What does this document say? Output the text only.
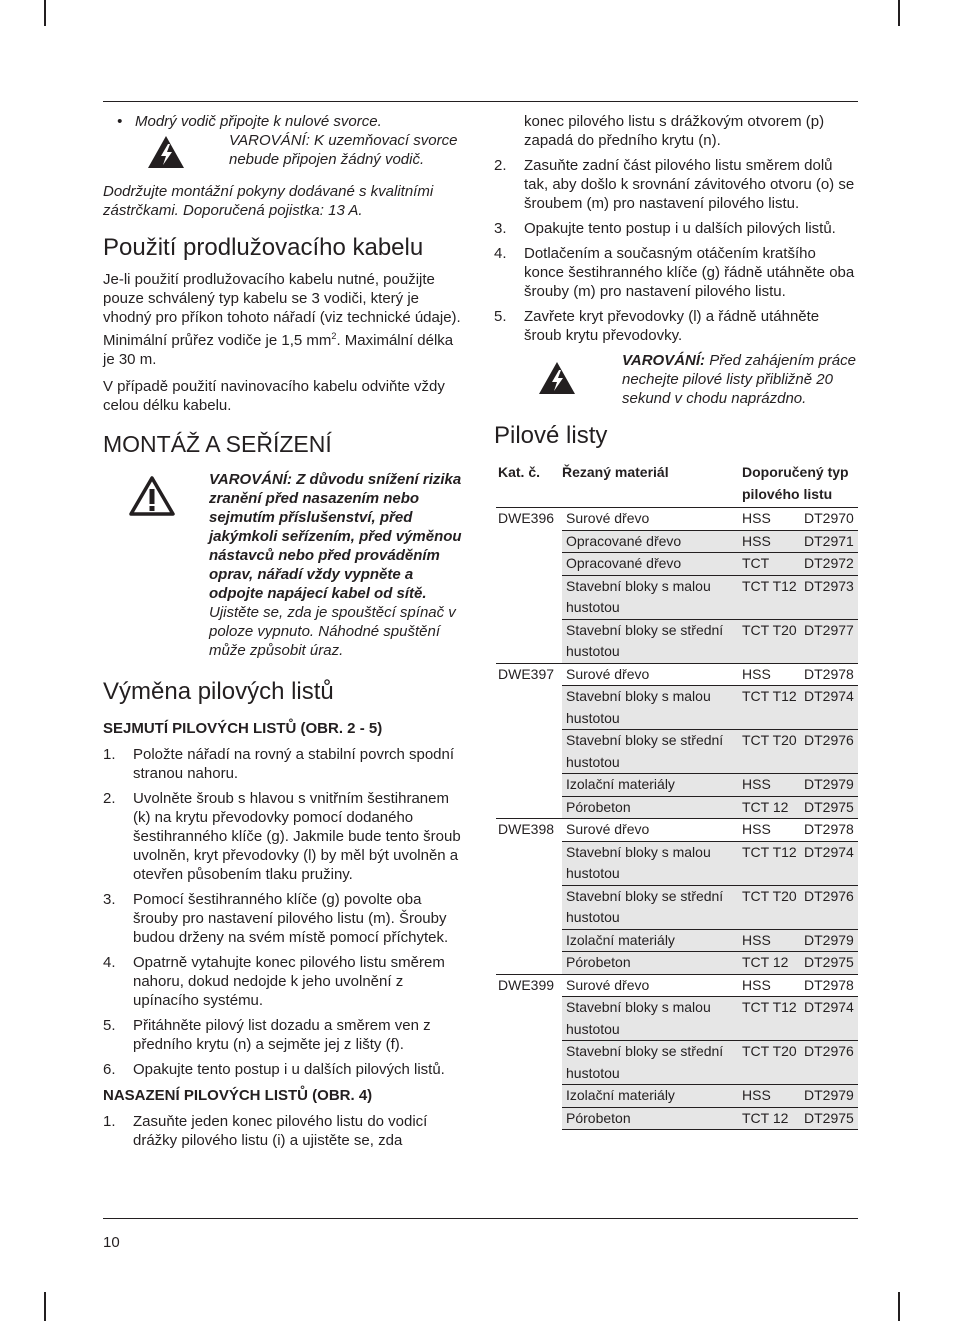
10
• Modrý vodič připojte k nulové svorce.

VAROVÁNÍ: K uzemňovací svorce nebude připojen žádný vodič.

Dodržujte montážní pokyny dodávané s kvalitními zástrčkami. Doporučená pojistka: 13 A.

Použití prodlužovacího kabelu

Je-li použití prodlužovacího kabelu nutné, použijte pouze schválený typ kabelu se 3 vodiči, který je vhodný pro příkon tohoto nářadí (viz technické údaje). Minimální průřez vodiče je 1,5 $mm^2$. Maximální délka je 30 m.

V případě použití navinovacího kabelu odviňte vždy celou délku kabelu.

MONTÁŽ A SEŘÍZENÍ

VAROVÁNÍ: Z důvodu snížení rizika zranění před nasazením nebo sejmutím příslušenství, před jakýmkoli seřízením, před výměnou nástavců nebo před prováděním oprav, nářadí vždy vypněte a odpojte napájecí kabel od sítě.

Ujistěte se, zda je spouštěcí spínač v poloze vypnuto. Náhodné spuštění může způsobit úraz.

Výměna pilových listů
SEJMUTÍ PILOVÝCH LISTŮ (OBR. 2 - 5)
1.	Položte nářadí na rovný a stabilní povrch spodní stranou nahoru.
2.	Uvolněte šroub s hlavou s vnitřním šestihranem (k) na krytu převodovky pomocí dodaného šestihranného klíče (g). Jakmile bude tento šroub uvolněn, kryt převodovky (l) by měl být uvolněn a otevřen působením tlaku pružiny.
3.	Pomocí šestihranného klíče (g) povolte oba šrouby pro nastavení pilového listu (m). Šrouby budou drženy na svém místě pomocí příchytek.
4.	Opatrně vytahujte konec pilového listu směrem nahoru, dokud nedojde k jeho uvolnění z upínacího systému.
5.	Přitáhněte pilový list dozadu a směrem ven z předního krytu (n) a sejměte jej z lišty (f).
6.	Opakujte tento postup i u dalších pilových listů.
NASAZENÍ PILOVÝCH LISTŮ (OBR. 4)
1.	Zasuňte jeden konec pilového listu do vodicí drážky pilového listu (i) a ujistěte se, zda

konec pilového listu s drážkovým otvorem (p) zapadá do předního krytu (n).

2.	Zasuňte zadní část pilového listu směrem dolů tak, aby došlo k srovnání závitového otvoru (o) se šroubem (m) pro nastavení pilového listu.
3.	Opakujte tento postup i u dalších pilových listů.
4.	Dotlačením a současným otáčením kratšího konce šestihranného klíče (g) řádně utáhněte oba šrouby (m) pro nastavení pilového listu.
5.	Zavřete kryt převodovky (l) a řádně utáhněte šroub krytu převodovky.

VAROVÁNÍ: Před zahájením práce nechejte pilové listy přibližně 20 sekund v chodu naprázdno.

Pilové listy
Kat. č.	Řezaný materiál	Doporučený typ pilového listu	
DWE396	Surové dřevo	HSS	DT2970
	Opracované dřevo	HSS	DT2971
	Opracované dřevo	TCT	DT2972
	Stavební bloky s malou hustotou	TCT T12	DT2973
	Stavební bloky se střední hustotou	TCT T20	DT2977
DWE397	Surové dřevo	HSS	DT2978
	Stavební bloky s malou hustotou	TCT T12	DT2974
	Stavební bloky se střední hustotou	TCT T20	DT2976
	Izolační materiály	HSS	DT2979
	Pórobeton	TCT 12	DT2975
DWE398	Surové dřevo	HSS	DT2978
	Stavební bloky s malou hustotou	TCT T12	DT2974
	Stavební bloky se střední hustotou	TCT T20	DT2976
	Izolační materiály	HSS	DT2979
	Pórobeton	TCT 12	DT2975
DWE399	Surové dřevo	HSS	DT2978
	Stavební bloky s malou hustotou	TCT T12	DT2974
	Stavební bloky se střední hustotou	TCT T20	DT2976
	Izolační materiály	HSS	DT2979
	Pórobeton	TCT 12	DT2975
